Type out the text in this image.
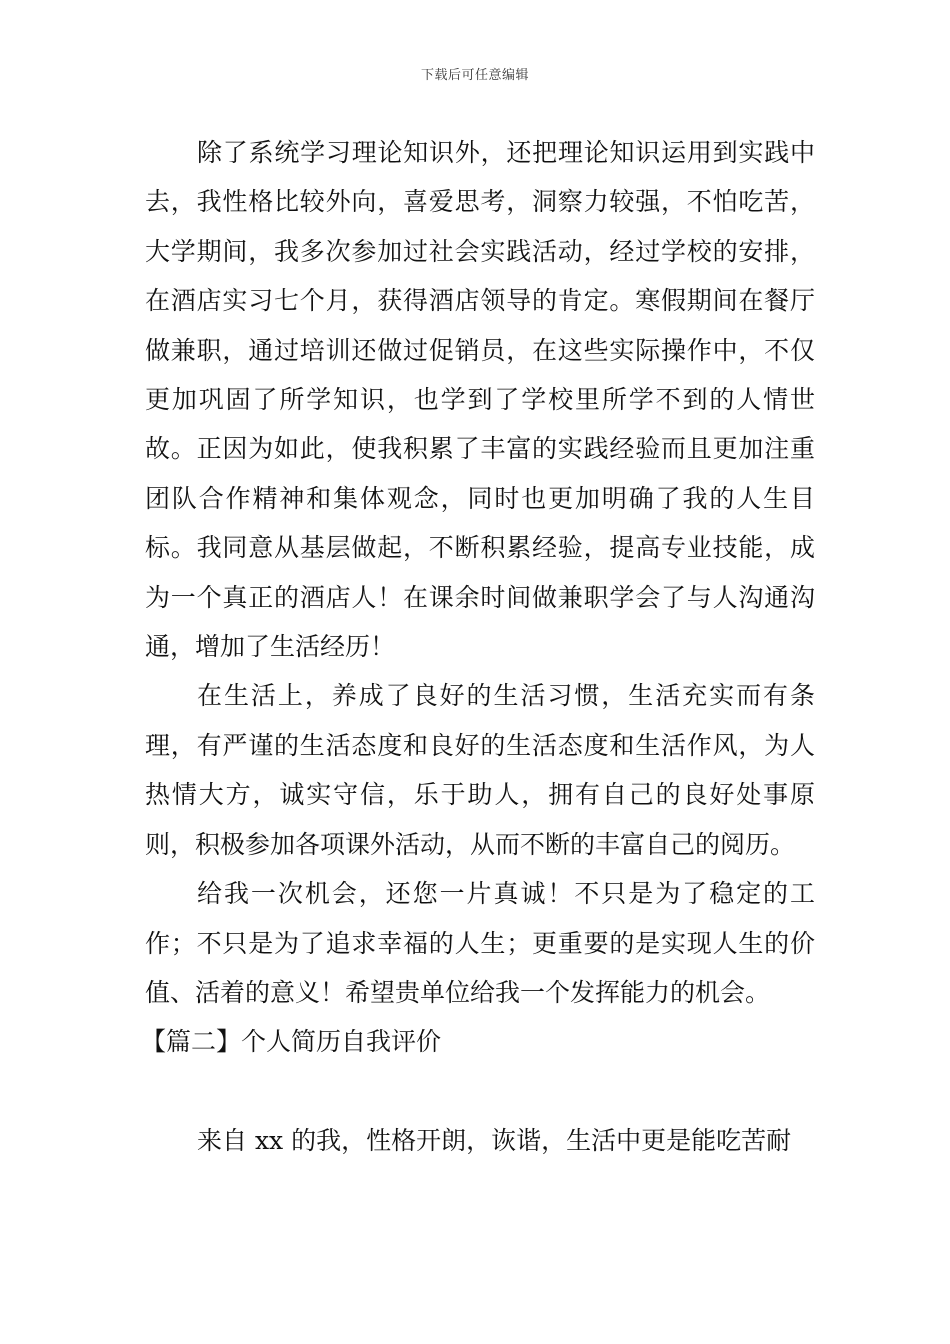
下载后可任意编辑

除了系统学习理论知识外，还把理论知识运用到实践中去，我性格比较外向，喜爱思考，洞察力较强，不怕吃苦，大学期间，我多次参加过社会实践活动，经过学校的安排，在酒店实习七个月，获得酒店领导的肯定。寒假期间在餐厅做兼职，通过培训还做过促销员，在这些实际操作中，不仅更加巩固了所学知识，也学到了学校里所学不到的人情世故。正因为如此，使我积累了丰富的实践经验而且更加注重团队合作精神和集体观念，同时也更加明确了我的人生目标。我同意从基层做起，不断积累经验，提高专业技能，成为一个真正的酒店人！在课余时间做兼职学会了与人沟通沟通，增加了生活经历！

在生活上，养成了良好的生活习惯，生活充实而有条理，有严谨的生活态度和良好的生活态度和生活作风，为人热情大方，诚实守信，乐于助人，拥有自己的良好处事原则，积极参加各项课外活动，从而不断的丰富自己的阅历。

给我一次机会，还您一片真诚！不只是为了稳定的工作；不只是为了追求幸福的人生；更重要的是实现人生的价值、活着的意义！希望贵单位给我一个发挥能力的机会。

【篇二】个人简历自我评价

来自 xx 的我，性格开朗，诙谐，生活中更是能吃苦耐
